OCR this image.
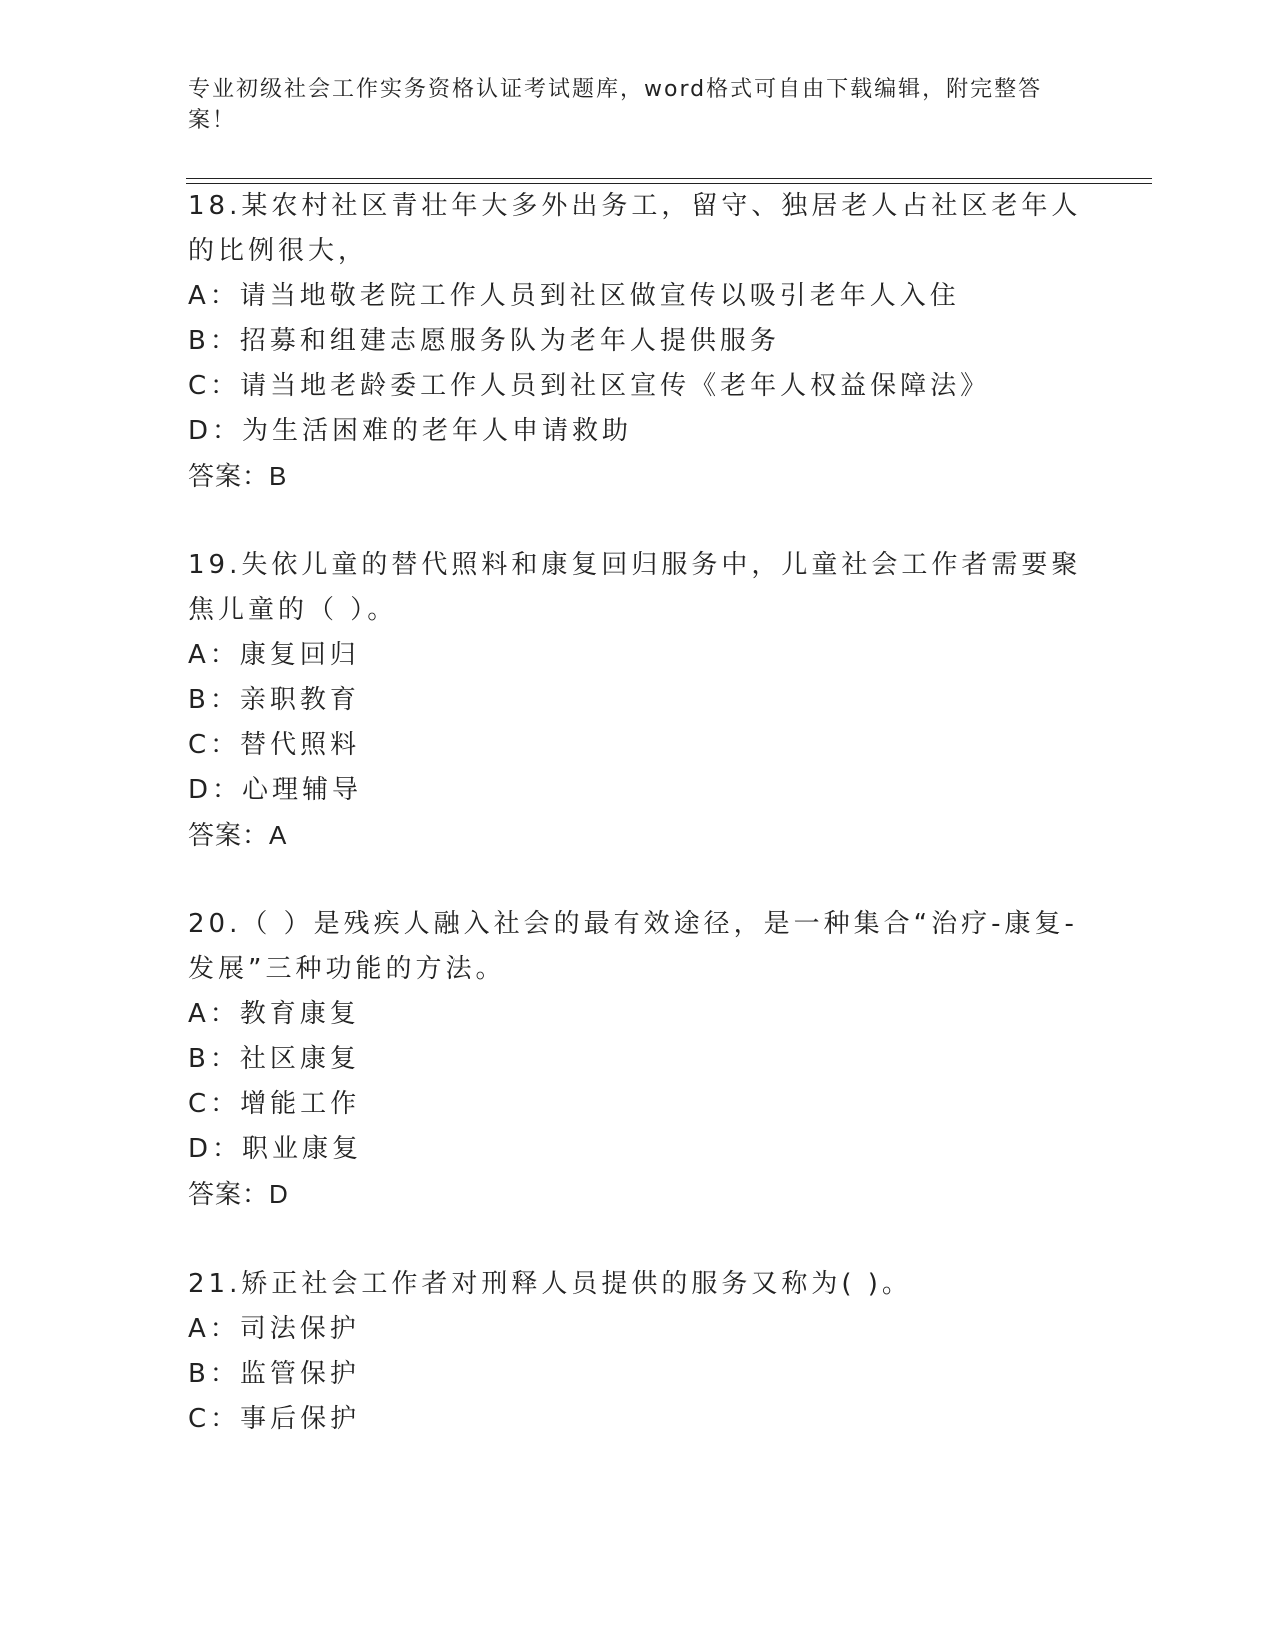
专业初级社会工作实务资格认证考试题库，word格式可自由下载编辑，附完整答案！
18.某农村社区青壮年大多外出务工，留守、独居老人占社区老年人的比例很大，
A：请当地敬老院工作人员到社区做宣传以吸引老年人入住
B：招募和组建志愿服务队为老年人提供服务
C：请当地老龄委工作人员到社区宣传《老年人权益保障法》
D：为生活困难的老年人申请救助
答案：B
19.失依儿童的替代照料和康复回归服务中，儿童社会工作者需要聚焦儿童的（ ）。
A：康复回归
B：亲职教育
C：替代照料
D：心理辅导
答案：A
20.（ ）是残疾人融入社会的最有效途径，是一种集合“治疗-康复-发展”三种功能的方法。
A：教育康复
B：社区康复
C：增能工作
D：职业康复
答案：D
21.矫正社会工作者对刑释人员提供的服务又称为( )。
A：司法保护
B：监管保护
C：事后保护
